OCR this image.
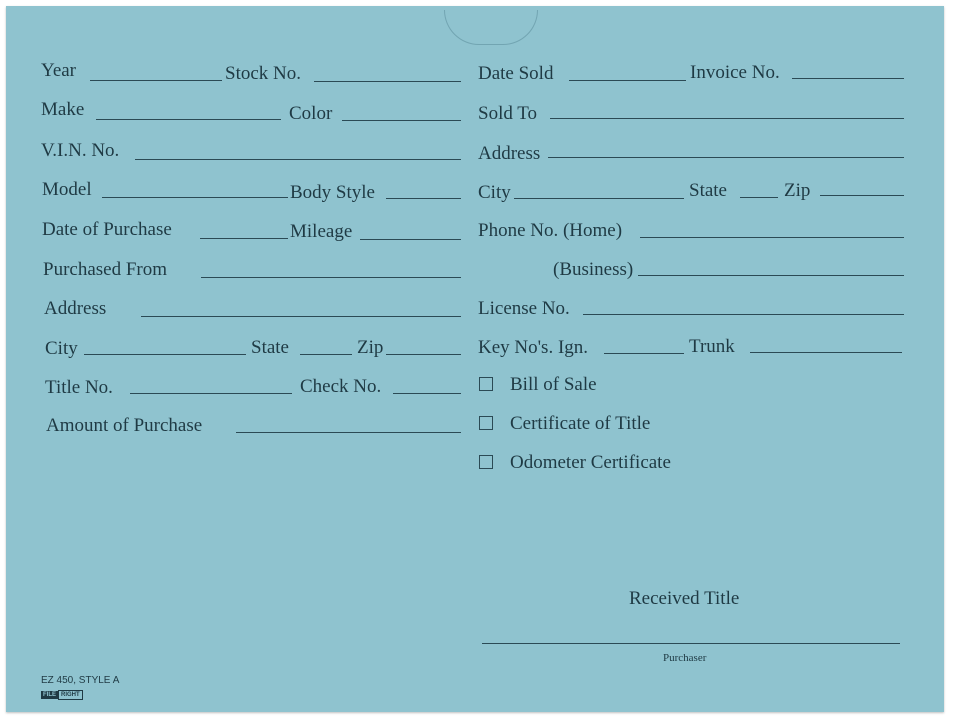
Year	Stock No.
Make	Color
V.I.N. No.
Model	Body Style
Date of Purchase	Mileage
Purchased From
Address
City	State	Zip
Title No.	Check No.
Amount of Purchase
Date Sold	Invoice No.
Sold To
Address
City	State	Zip
Phone No. (Home)
(Business)
License No.
Key No's. Ign.	Trunk
Bill of Sale
Certificate of Title
Odometer Certificate
Received Title
Purchaser
EZ 450, STYLE A
FILE RIGHT
